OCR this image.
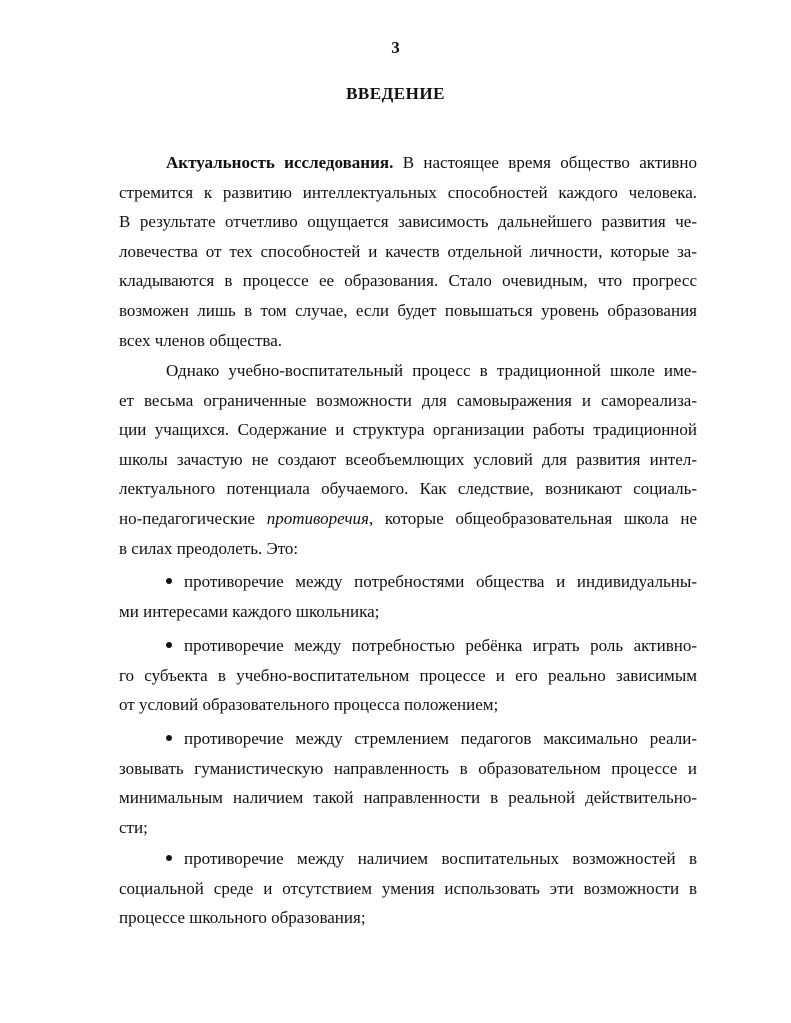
3
ВВЕДЕНИЕ
Актуальность исследования. В настоящее время общество активно
стремится к развитию интеллектуальных способностей каждого человека.
В результате отчетливо ощущается зависимость дальнейшего развития че-
ловечества от тех способностей и качеств отдельной личности, которые за-
кладываются в процессе ее образования. Стало очевидным, что прогресс
возможен лишь в том случае, если будет повышаться уровень образования
всех членов общества.
Однако учебно-воспитательный процесс в традиционной школе име-
ет весьма ограниченные возможности для самовыражения и самореализа-
ции учащихся. Содержание и структура организации работы традиционной
школы зачастую не создают всеобъемлющих условий для развития интел-
лектуального потенциала обучаемого. Как следствие, возникают социаль-
но-педагогические противоречия, которые общеобразовательная школа не
в силах преодолеть. Это:
противоречие между потребностями общества и индивидуальны-
ми интересами каждого школьника;
противоречие между потребностью ребёнка играть роль активно-
го субъекта в учебно-воспитательном процессе и его реально зависимым
от условий образовательного процесса положением;
противоречие между стремлением педагогов максимально реали-
зовывать гуманистическую направленность в образовательном процессе и
минимальным наличием такой направленности в реальной действительно-
сти;
противоречие между наличием воспитательных возможностей в
социальной среде и отсутствием умения использовать эти возможности в
процессе школьного образования;
